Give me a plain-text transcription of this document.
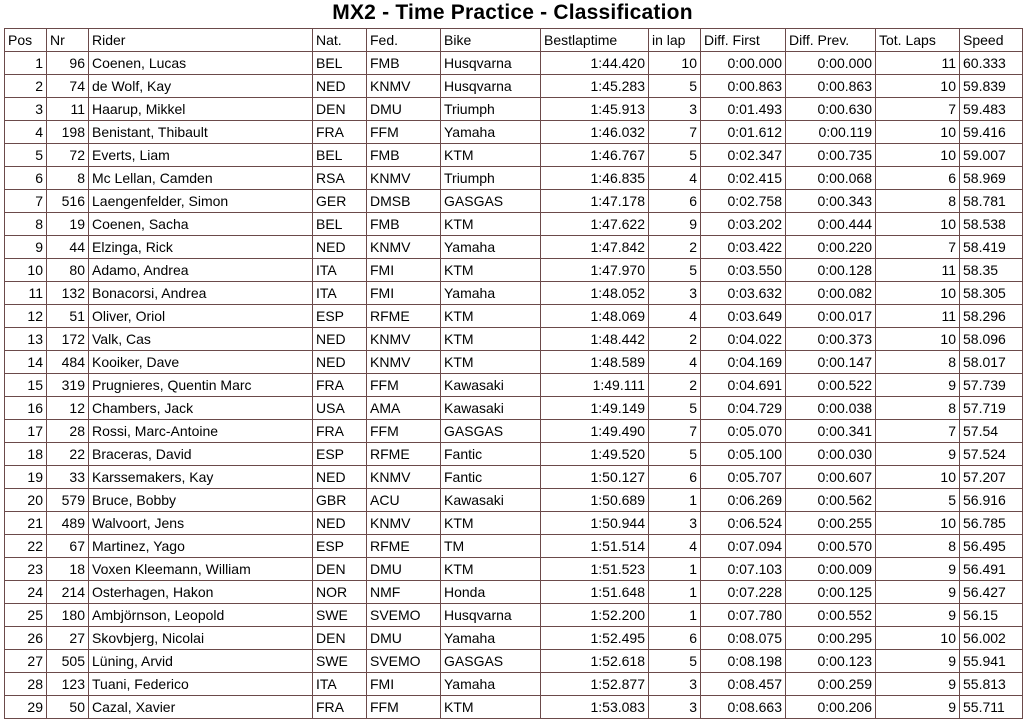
MX2 - Time Practice - Classification
Pos	Nr	Rider	Nat.	Fed.	Bike	Bestlaptime	in lap	Diff. First	Diff. Prev.	Tot. Laps	Speed
1	96	Coenen, Lucas	BEL	FMB	Husqvarna	1:44.420	10	0:00.000	0:00.000	11	60.333
2	74	de Wolf, Kay	NED	KNMV	Husqvarna	1:45.283	5	0:00.863	0:00.863	10	59.839
3	11	Haarup, Mikkel	DEN	DMU	Triumph	1:45.913	3	0:01.493	0:00.630	7	59.483
4	198	Benistant, Thibault	FRA	FFM	Yamaha	1:46.032	7	0:01.612	0:00.119	10	59.416
5	72	Everts, Liam	BEL	FMB	KTM	1:46.767	5	0:02.347	0:00.735	10	59.007
6	8	Mc Lellan, Camden	RSA	KNMV	Triumph	1:46.835	4	0:02.415	0:00.068	6	58.969
7	516	Laengenfelder, Simon	GER	DMSB	GASGAS	1:47.178	6	0:02.758	0:00.343	8	58.781
8	19	Coenen, Sacha	BEL	FMB	KTM	1:47.622	9	0:03.202	0:00.444	10	58.538
9	44	Elzinga, Rick	NED	KNMV	Yamaha	1:47.842	2	0:03.422	0:00.220	7	58.419
10	80	Adamo, Andrea	ITA	FMI	KTM	1:47.970	5	0:03.550	0:00.128	11	58.35
11	132	Bonacorsi, Andrea	ITA	FMI	Yamaha	1:48.052	3	0:03.632	0:00.082	10	58.305
12	51	Oliver, Oriol	ESP	RFME	KTM	1:48.069	4	0:03.649	0:00.017	11	58.296
13	172	Valk, Cas	NED	KNMV	KTM	1:48.442	2	0:04.022	0:00.373	10	58.096
14	484	Kooiker, Dave	NED	KNMV	KTM	1:48.589	4	0:04.169	0:00.147	8	58.017
15	319	Prugnieres, Quentin Marc	FRA	FFM	Kawasaki	1:49.111	2	0:04.691	0:00.522	9	57.739
16	12	Chambers, Jack	USA	AMA	Kawasaki	1:49.149	5	0:04.729	0:00.038	8	57.719
17	28	Rossi, Marc-Antoine	FRA	FFM	GASGAS	1:49.490	7	0:05.070	0:00.341	7	57.54
18	22	Braceras, David	ESP	RFME	Fantic	1:49.520	5	0:05.100	0:00.030	9	57.524
19	33	Karssemakers, Kay	NED	KNMV	Fantic	1:50.127	6	0:05.707	0:00.607	10	57.207
20	579	Bruce, Bobby	GBR	ACU	Kawasaki	1:50.689	1	0:06.269	0:00.562	5	56.916
21	489	Walvoort, Jens	NED	KNMV	KTM	1:50.944	3	0:06.524	0:00.255	10	56.785
22	67	Martinez, Yago	ESP	RFME	TM	1:51.514	4	0:07.094	0:00.570	8	56.495
23	18	Voxen Kleemann, William	DEN	DMU	KTM	1:51.523	1	0:07.103	0:00.009	9	56.491
24	214	Osterhagen, Hakon	NOR	NMF	Honda	1:51.648	1	0:07.228	0:00.125	9	56.427
25	180	Ambjörnson, Leopold	SWE	SVEMO	Husqvarna	1:52.200	1	0:07.780	0:00.552	9	56.15
26	27	Skovbjerg, Nicolai	DEN	DMU	Yamaha	1:52.495	6	0:08.075	0:00.295	10	56.002
27	505	Lüning, Arvid	SWE	SVEMO	GASGAS	1:52.618	5	0:08.198	0:00.123	9	55.941
28	123	Tuani, Federico	ITA	FMI	Yamaha	1:52.877	3	0:08.457	0:00.259	9	55.813
29	50	Cazal, Xavier	FRA	FFM	KTM	1:53.083	3	0:08.663	0:00.206	9	55.711
